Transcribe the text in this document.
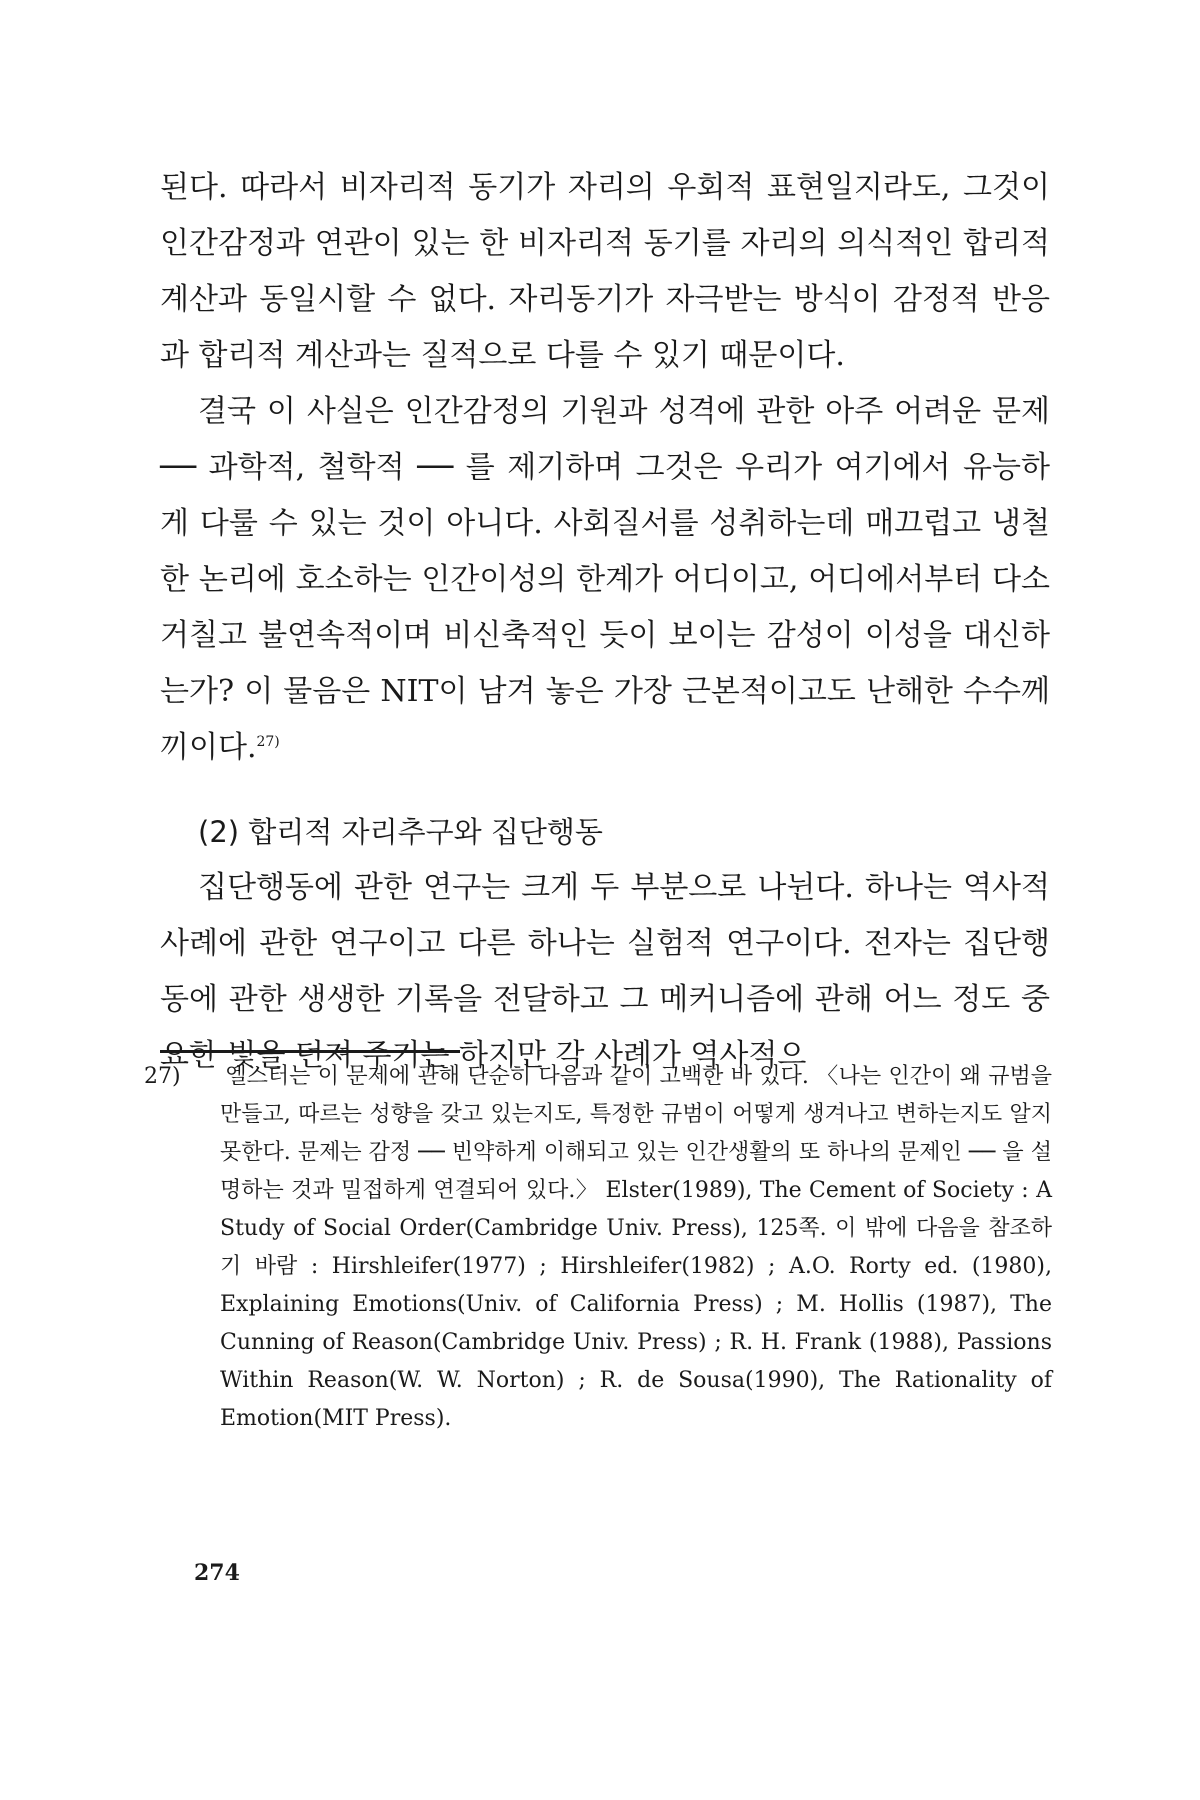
된다. 따라서 비자리적 동기가 자리의 우회적 표현일지라도, 그것이 인간감정과 연관이 있는 한 비자리적 동기를 자리의 의식적인 합리적 계산과 동일시할 수 없다. 자리동기가 자극받는 방식이 감정적 반응과 합리적 계산과는 질적으로 다를 수 있기 때문이다.

결국 이 사실은 인간감정의 기원과 성격에 관한 아주 어려운 문제 ── 과학적, 철학적 ── 를 제기하며 그것은 우리가 여기에서 유능하게 다룰 수 있는 것이 아니다. 사회질서를 성취하는데 매끄럽고 냉철한 논리에 호소하는 인간이성의 한계가 어디이고, 어디에서부터 다소 거칠고 불연속적이며 비신축적인 듯이 보이는 감성이 이성을 대신하는가? 이 물음은 NIT이 남겨 놓은 가장 근본적이고도 난해한 수수께끼이다.$^{27)}$

(2) 합리적 자리추구와 집단행동

집단행동에 관한 연구는 크게 두 부분으로 나뉜다. 하나는 역사적 사례에 관한 연구이고 다른 하나는 실험적 연구이다. 전자는 집단행동에 관한 생생한 기록을 전달하고 그 메커니즘에 관해 어느 정도 중요한 빛을 던져 주기는 하지만 각 사례가 역사적으

27) 엘스터는 이 문제에 관해 단순히 다음과 같이 고백한 바 있다. 〈나는 인간이 왜 규범을 만들고, 따르는 성향을 갖고 있는지도, 특정한 규범이 어떻게 생겨나고 변하는지도 알지 못한다. 문제는 감정 ── 빈약하게 이해되고 있는 인간생활의 또 하나의 문제인 ── 을 설명하는 것과 밀접하게 연결되어 있다.〉 Elster(1989), The Cement of Society : A Study of Social Order(Cambridge Univ. Press), 125쪽. 이 밖에 다음을 참조하기 바람 : Hirshleifer(1977) ; Hirshleifer(1982) ; A.O. Rorty ed. (1980), Explaining Emotions(Univ. of California Press) ; M. Hollis (1987), The Cunning of Reason(Cambridge Univ. Press) ; R. H. Frank (1988), Passions Within Reason(W. W. Norton) ; R. de Sousa(1990), The Rationality of Emotion(MIT Press).

274
